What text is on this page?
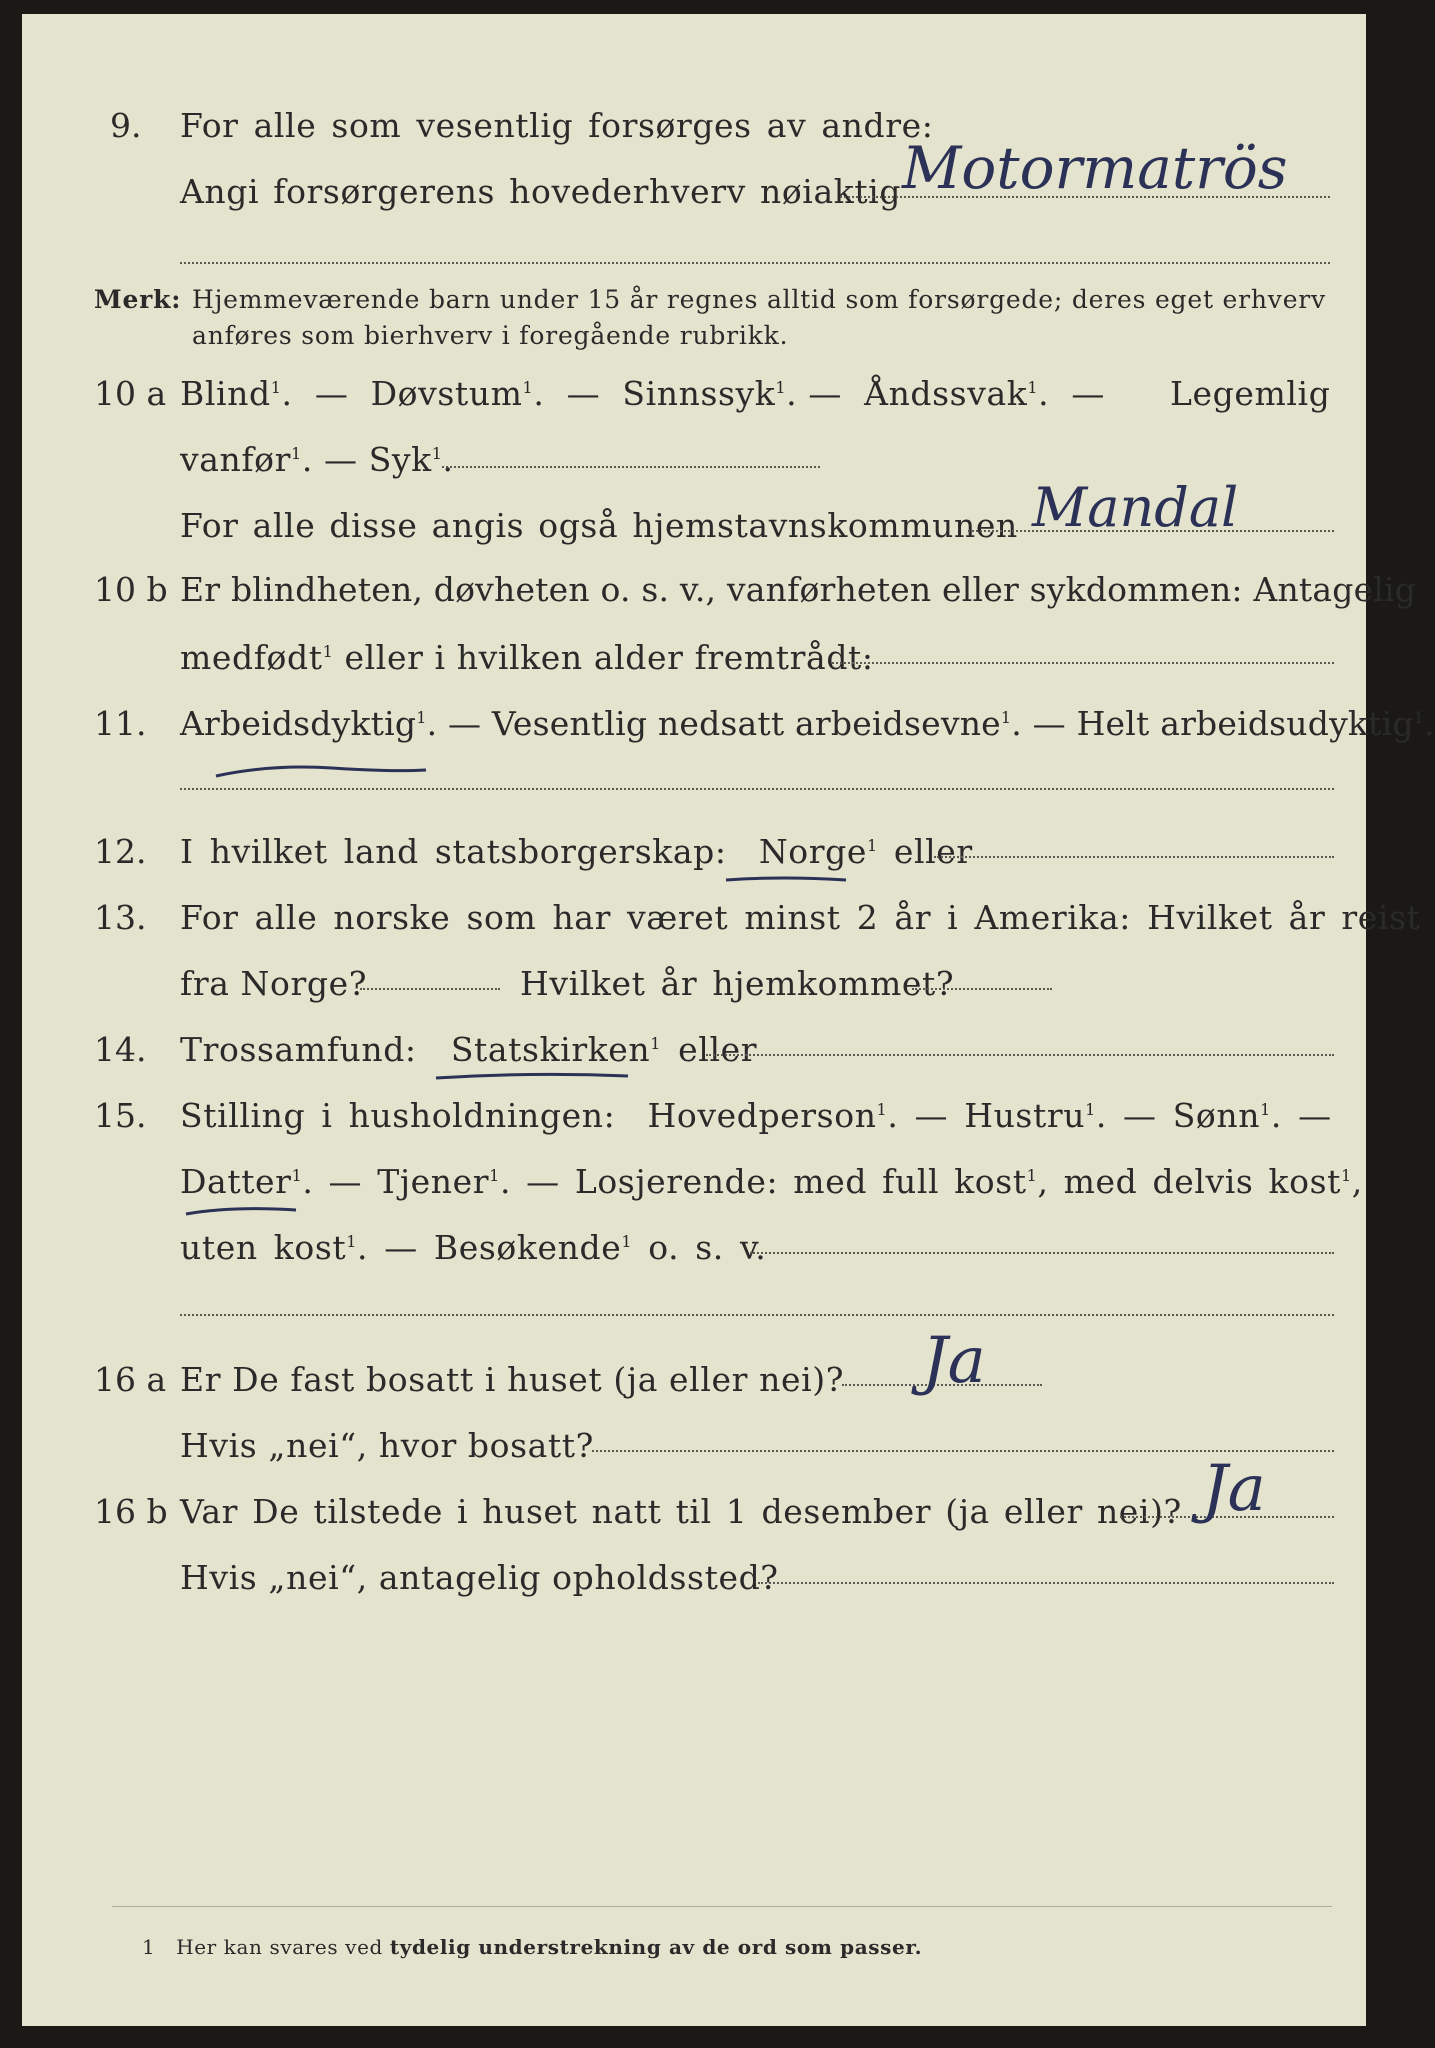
9. For alle som vesentlig forsørges av andre:
Angi forsørgerens hovederhverv nøiaktig Motormatrös
Merk: Hjemmeværende barn under 15 år regnes alltid som forsørgede; deres eget erhverv
anføres som bierhverv i foregående rubrikk.
10 a Blind$^1$.  — Døvstum$^1$.  — Sinnssyk$^1$. — Åndssvak$^1$.  —	Legemlig
vanfør$^1$. — Syk$^1$.
For alle disse angis også hjemstavnskommunen Mandal
10 b Er blindheten, døvheten o. s. v., vanførheten eller sykdommen: Antagelig
medfødt$^1$ eller i hvilken alder fremtrådt:
11. Arbeidsdyktig$^1$. — Vesentlig nedsatt arbeidsevne$^1$. — Helt arbeidsudyktig$^1$.
12. I hvilket land statsborgerskap: Norge$^1$ eller
13. For alle norske som har været minst 2 år i Amerika: Hvilket år reist
fra Norge?	Hvilket år hjemkommet?
14. Trossamfund: Statskirken$^1$ eller
15. Stilling i husholdningen: Hovedperson$^1$. — Hustru$^1$. — Sønn$^1$. —
Datter$^1$. — Tjener$^1$. — Losjerende: med full kost$^1$, med delvis kost$^1$,
uten kost$^1$. — Besøkende$^1$ o. s. v.
16 a Er De fast bosatt i huset (ja eller nei)? Ja
Hvis „nei“, hvor bosatt?
16 b Var De tilstede i huset natt til 1 desember (ja eller nei)? Ja
Hvis „nei“, antagelig opholdssted?
1 Her kan svares ved tydelig understrekning av de ord som passer.
